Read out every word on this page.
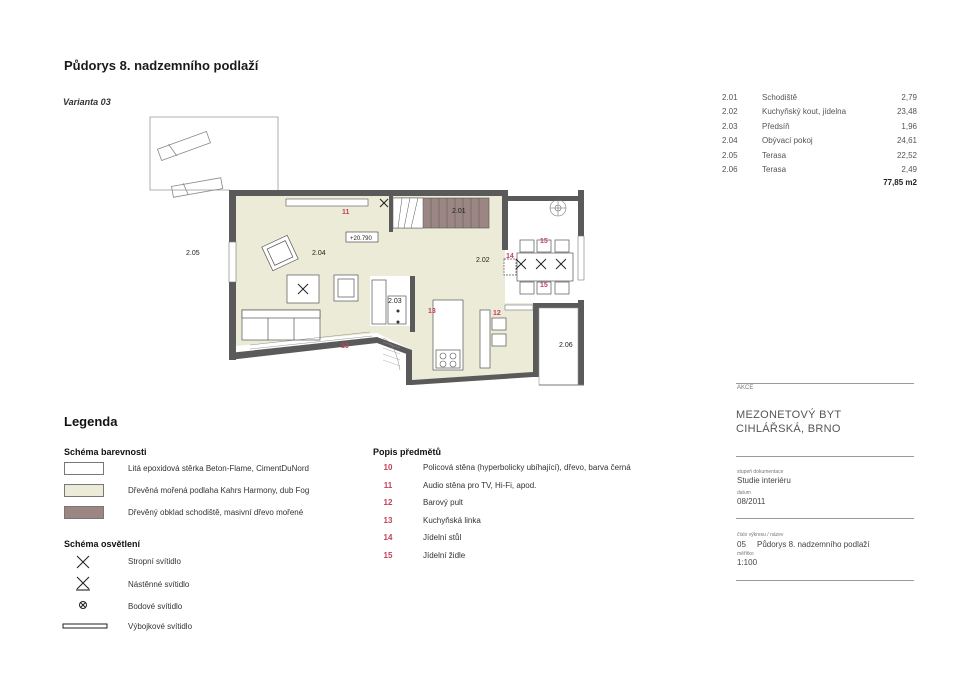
Půdorys 8. nadzemního podlaží
Varianta 03
2.05	2.04
2.02
2.01
2.03
2.06
+20.790
10
11
12
13
14
15
15
2.01	Schodiště	2,79
2.02	Kuchyňský kout, jídelna	23,48
2.03	Předsíň	1,96
2.04	Obývací pokoj	24,61
2.05	Terasa	22,52
2.06	Terasa	2,49
77,85 m2
Legenda
Schéma barevnosti
Litá epoxidová stěrka Beton-Flame, CimentDuNord
Dřevěná mořená podlaha Kahrs Harmony, dub Fog
Dřevěný obklad schodiště, masivní dřevo mořené
Schéma osvětlení
Stropní svítidlo
Nástěnné svítidlo
Bodové svítidlo
Výbojkové svítidlo
Popis předmětů
10	Policová stěna (hyperbolicky ubíhající), dřevo, barva černá
11	Audio stěna pro TV, Hi-Fi, apod.
12	Barový pult
13	Kuchyňská linka
14	Jídelní stůl
15	Jídelní židle
AKCE
MEZONETOVÝ BYT
CIHLÁŘSKÁ, BRNO
stupeň dokumentace
Studie interiéru
datum
08/2011
číslo výkresu / název
05 Půdorys 8. nadzemního podlaží
měřítko
1:100
